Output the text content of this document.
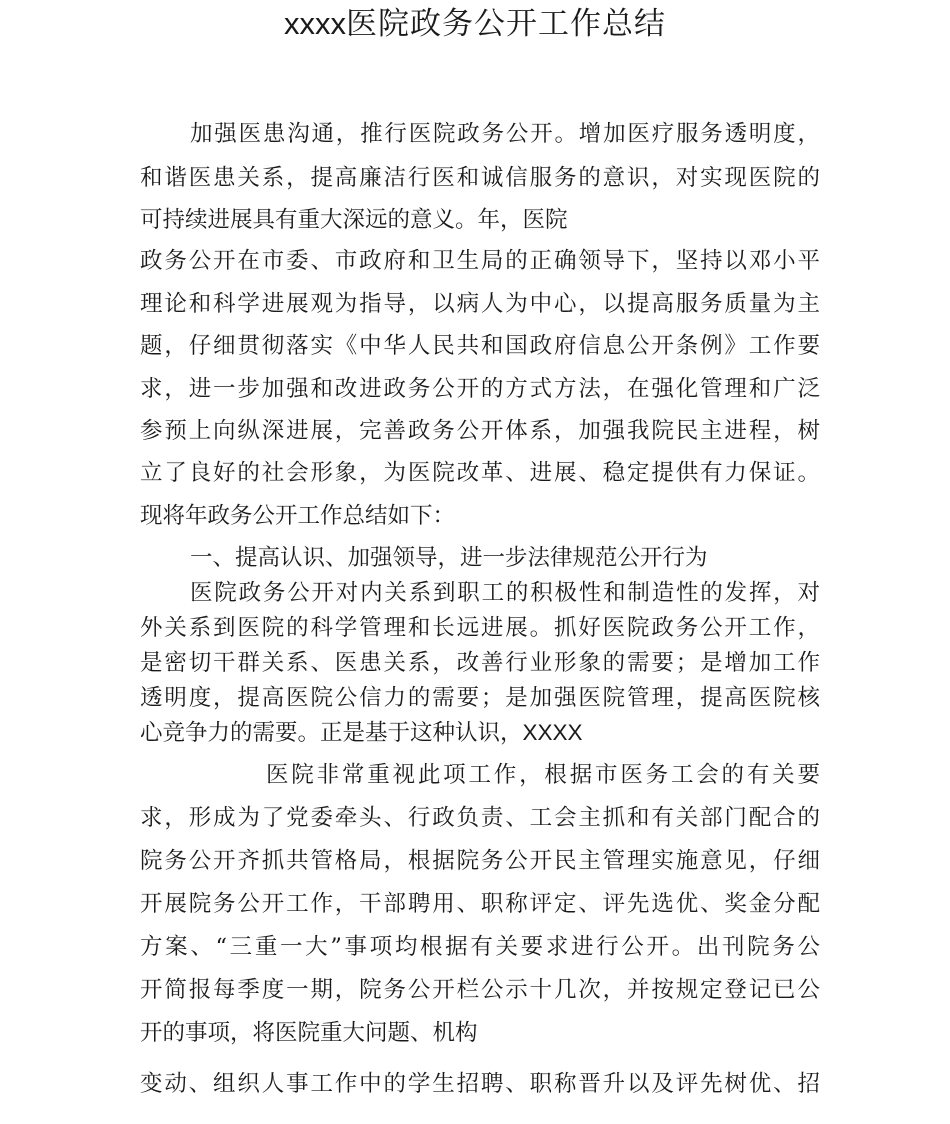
xxxx医院政务公开工作总结
加强医患沟通，推行医院政务公开。增加医疗服务透明度，
和谐医患关系，提高廉洁行医和诚信服务的意识，对实现医院的
可持续进展具有重大深远的意义。年，医院
政务公开在市委、市政府和卫生局的正确领导下，坚持以邓小平
理论和科学进展观为指导，以病人为中心，以提高服务质量为主
题，仔细贯彻落实《中华人民共和国政府信息公开条例》工作要
求，进一步加强和改进政务公开的方式方法，在强化管理和广泛
参预上向纵深进展，完善政务公开体系，加强我院民主进程，树
立了良好的社会形象，为医院改革、进展、稳定提供有力保证。
现将年政务公开工作总结如下：
一、提高认识、加强领导，进一步法律规范公开行为
医院政务公开对内关系到职工的积极性和制造性的发挥，对
外关系到医院的科学管理和长远进展。抓好医院政务公开工作，
是密切干群关系、医患关系，改善行业形象的需要；是增加工作
透明度，提高医院公信力的需要；是加强医院管理，提高医院核
心竞争力的需要。正是基于这种认识，XXXX
医院非常重视此项工作，根据市医务工会的有关要
求，形成为了党委牵头、行政负责、工会主抓和有关部门配合的
院务公开齐抓共管格局，根据院务公开民主管理实施意见，仔细
开展院务公开工作，干部聘用、职称评定、评先选优、奖金分配
方案、“三重一大”事项均根据有关要求进行公开。出刊院务公
开简报每季度一期，院务公开栏公示十几次，并按规定登记已公
开的事项，将医院重大问题、机构
变动、组织人事工作中的学生招聘、职称晋升以及评先树优、招
